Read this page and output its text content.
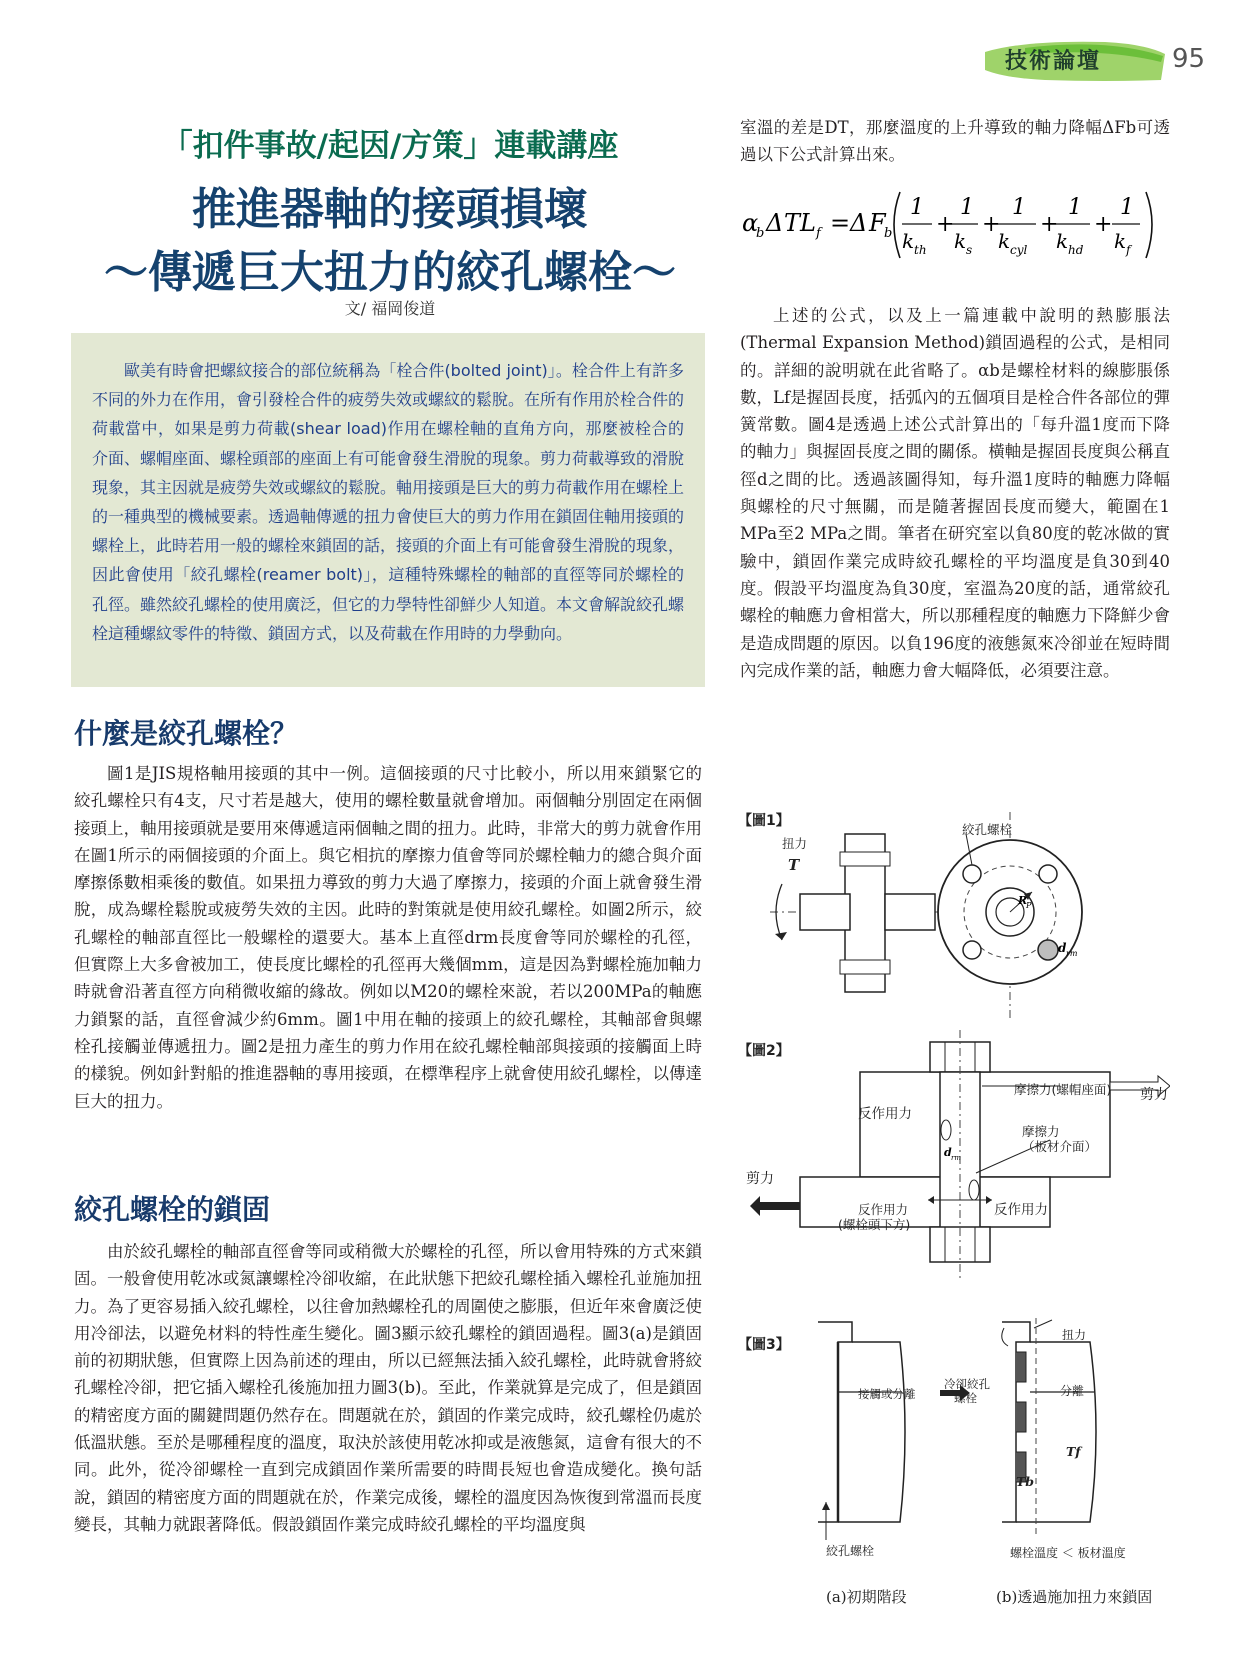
技術論壇	95
「扣件事故/起因/方策」連載講座
推進器軸的接頭損壞
〜傳遞巨大扭力的絞孔螺栓〜
文/ 福岡俊道
歐美有時會把螺紋接合的部位統稱為「栓合件(bolted joint)」。栓合件上有許多不同的外力在作用，會引發栓合件的疲勞失效或螺紋的鬆脫。在所有作用於栓合件的荷載當中，如果是剪力荷載(shear load)作用在螺栓軸的直角方向，那麼被栓合的介面、螺帽座面、螺栓頭部的座面上有可能會發生滑脫的現象。剪力荷載導致的滑脫現象，其主因就是疲勞失效或螺紋的鬆脫。軸用接頭是巨大的剪力荷載作用在螺栓上的一種典型的機械要素。透過軸傳遞的扭力會使巨大的剪力作用在鎖固住軸用接頭的螺栓上，此時若用一般的螺栓來鎖固的話，接頭的介面上有可能會發生滑脫的現象，因此會使用「絞孔螺栓(reamer bolt)」，這種特殊螺栓的軸部的直徑等同於螺栓的孔徑。雖然絞孔螺栓的使用廣泛，但它的力學特性卻鮮少人知道。本文會解說絞孔螺栓這種螺紋零件的特徵、鎖固方式，以及荷載在作用時的力學動向。
什麼是絞孔螺栓？
圖1是JIS規格軸用接頭的其中一例。這個接頭的尺寸比較小，所以用來鎖緊它的絞孔螺栓只有4支，尺寸若是越大，使用的螺栓數量就會增加。兩個軸分別固定在兩個接頭上，軸用接頭就是要用來傳遞這兩個軸之間的扭力。此時，非常大的剪力就會作用在圖1所示的兩個接頭的介面上。與它相抗的摩擦力值會等同於螺栓軸力的總合與介面摩擦係數相乘後的數值。如果扭力導致的剪力大過了摩擦力，接頭的介面上就會發生滑脫，成為螺栓鬆脫或疲勞失效的主因。此時的對策就是使用絞孔螺栓。如圖2所示，絞孔螺栓的軸部直徑比一般螺栓的還要大。基本上直徑drm長度會等同於螺栓的孔徑，但實際上大多會被加工，使長度比螺栓的孔徑再大幾個mm，這是因為對螺栓施加軸力時就會沿著直徑方向稍微收縮的緣故。例如以M20的螺栓來說，若以200MPa的軸應力鎖緊的話，直徑會減少約6mm。圖1中用在軸的接頭上的絞孔螺栓，其軸部會與螺栓孔接觸並傳遞扭力。圖2是扭力產生的剪力作用在絞孔螺栓軸部與接頭的接觸面上時的樣貌。例如針對船的推進器軸的專用接頭，在標準程序上就會使用絞孔螺栓，以傳達巨大的扭力。
絞孔螺栓的鎖固
由於絞孔螺栓的軸部直徑會等同或稍微大於螺栓的孔徑，所以會用特殊的方式來鎖固。一般會使用乾冰或氮讓螺栓冷卻收縮，在此狀態下把絞孔螺栓插入螺栓孔並施加扭力。為了更容易插入絞孔螺栓，以往會加熱螺栓孔的周圍使之膨脹，但近年來會廣泛使用冷卻法，以避免材料的特性產生變化。圖3顯示絞孔螺栓的鎖固過程。圖3(a)是鎖固前的初期狀態，但實際上因為前述的理由，所以已經無法插入絞孔螺栓，此時就會將絞孔螺栓冷卻，把它插入螺栓孔後施加扭力圖3(b)。至此，作業就算是完成了，但是鎖固的精密度方面的關鍵問題仍然存在。問題就在於，鎖固的作業完成時，絞孔螺栓仍處於低溫狀態。至於是哪種程度的溫度，取決於該使用乾冰抑或是液態氮，這會有很大的不同。此外，從冷卻螺栓一直到完成鎖固作業所需要的時間長短也會造成變化。換句話說，鎖固的精密度方面的問題就在於，作業完成後，螺栓的溫度因為恢復到常溫而長度變長，其軸力就跟著降低。假設鎖固作業完成時絞孔螺栓的平均溫度與
室溫的差是DT，那麼溫度的上升導致的軸力降幅ΔFb可透過以下公式計算出來。
α
b Δ TL f = Δ F
b
1
k th
+
1
k s
+
1
k cyl
+
1
k hd
+
1
k f
上述的公式，以及上一篇連載中說明的熱膨脹法(Thermal Expansion Method)鎖固過程的公式，是相同的。詳細的說明就在此省略了。αb是螺栓材料的線膨脹係數，Lf是握固長度，括弧內的五個項目是栓合件各部位的彈簧常數。圖4是透過上述公式計算出的「每升溫1度而下降的軸力」與握固長度之間的關係。橫軸是握固長度與公稱直徑d之間的比。透過該圖得知，每升溫1度時的軸應力降幅與螺栓的尺寸無關，而是隨著握固長度而變大，範圍在1 MPa至2 MPa之間。筆者在研究室以負80度的乾冰做的實驗中，鎖固作業完成時絞孔螺栓的平均溫度是負30到40度。假設平均溫度為負30度，室溫為20度的話，通常絞孔螺栓的軸應力會相當大，所以那種程度的軸應力下降鮮少會是造成問題的原因。以負196度的液態氮來冷卻並在短時間內完成作業的話，軸應力會大幅降低，必須要注意。
【圖1】
扭力
T
絞孔螺栓
R
P
d rm
【圖2】
d rm
摩擦力(螺帽座面) 剪力
反作用力
摩擦力
（板材介面）
剪力
反作用力
(螺栓頭下方)
反作用力
【圖3】
接觸或分離
冷卻絞孔
螺栓
扭力
分離
Tf
Tb
絞孔螺栓	螺栓溫度 ＜ 板材溫度
(a)初期階段	(b)透過施加扭力來鎖固
